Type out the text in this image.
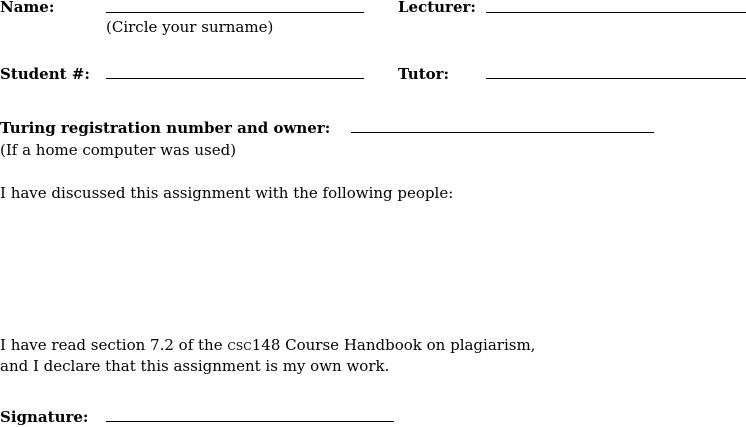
Name:
(Circle your surname)
Lecturer:
Student #:	Tutor:
Turing registration number and owner:
(If a home computer was used)
I have discussed this assignment with the following people:
I have read section 7.2 of the csc148 Course Handbook on plagiarism,
and I declare that this assignment is my own work.
Signature:
